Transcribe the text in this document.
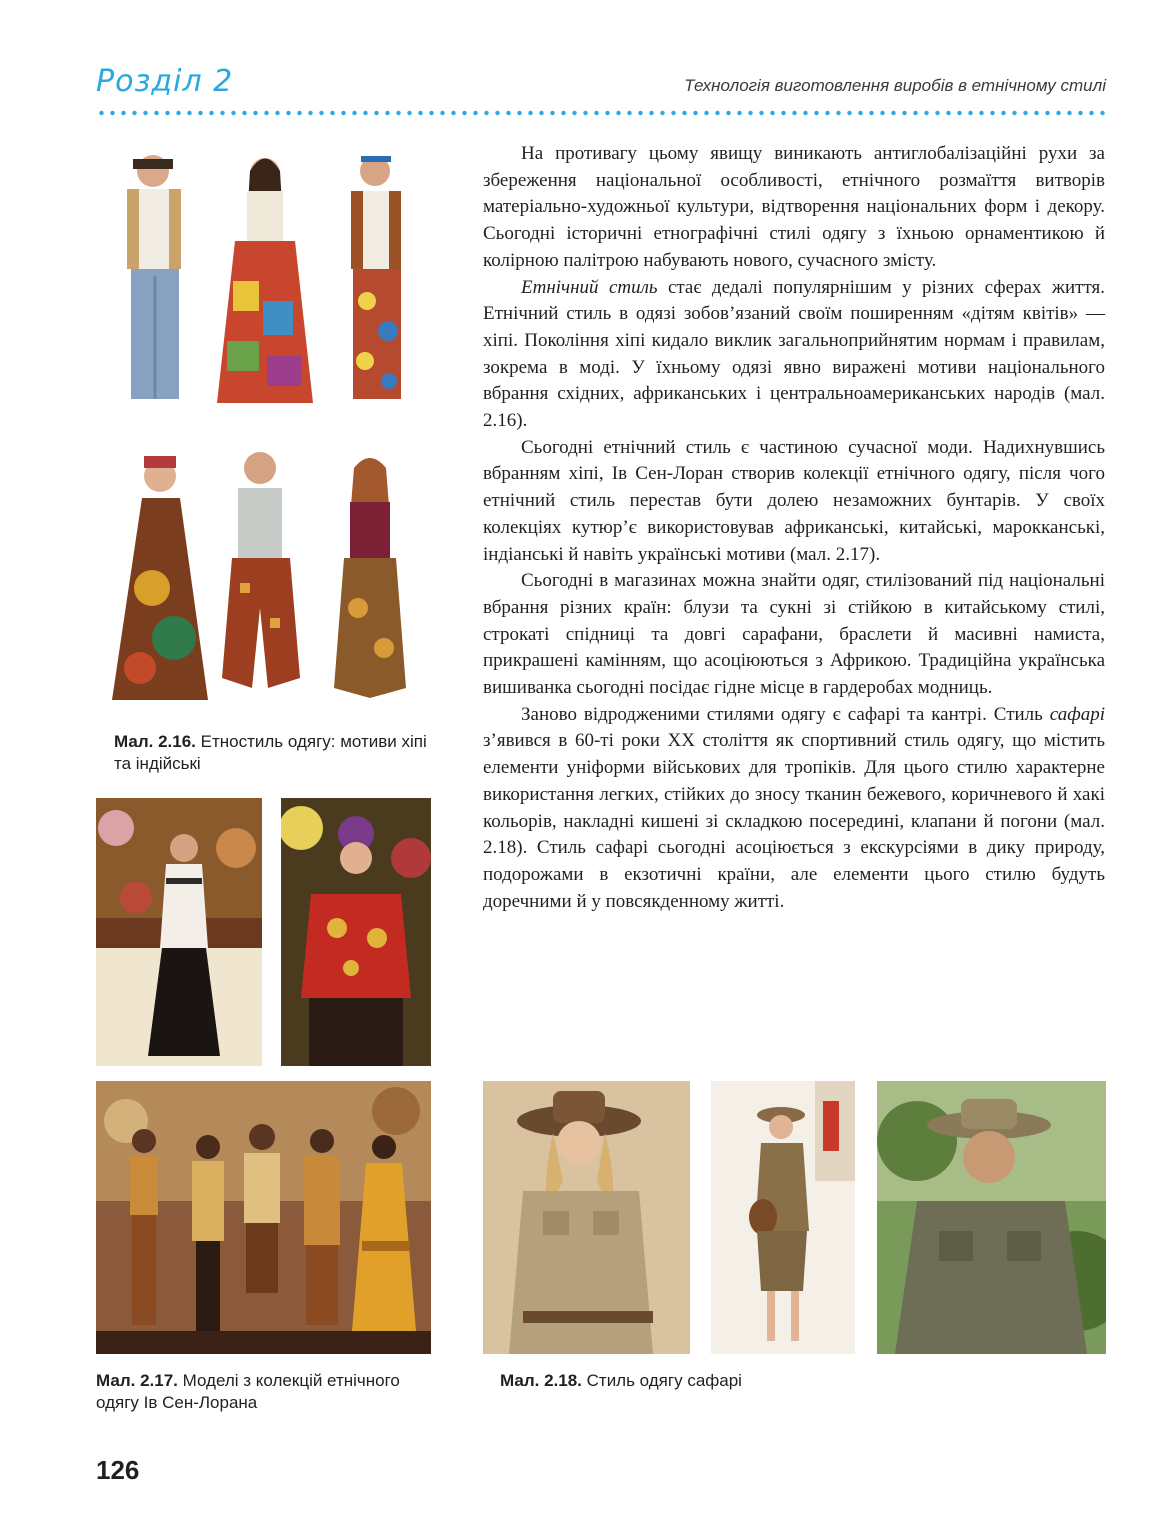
Розділ 2	Технологія виготовлення виробів в етнічному стилі
Мал. 2.16. Етностиль одягу: мотиви хіпі та індійські
Мал. 2.17. Моделі з колекцій етнічного одягу Ів Сен-Лорана

На противагу цьому явищу виникають антиглобалізаційні рухи за збереження національної особливості, етнічного розмаїття витворів матеріально-художньої культури, відтворення національних форм і декору. Сьогодні історичні етнографічні стилі одягу з їхньою орнаментикою й колірною палітрою набувають нового, сучасного змісту.

Етнічний стиль стає дедалі популярнішим у різних сферах життя. Етнічний стиль в одязі зобов’язаний своїм поширенням «дітям квітів» — хіпі. Покоління хіпі кидало виклик загальноприйнятим нормам і правилам, зокрема в моді. У їхньому одязі явно виражені мотиви національного вбрання східних, африканських і центральноамериканських народів (мал. 2.16).

Сьогодні етнічний стиль є частиною сучасної моди. Надихнувшись вбранням хіпі, Ів Сен-Лоран створив колекції етнічного одягу, після чого етнічний стиль перестав бути долею незаможних бунтарів. У своїх колекціях кутюр’є використовував африканські, китайські, марокканські, індіанські й навіть українські мотиви (мал. 2.17).

Сьогодні в магазинах можна знайти одяг, стилізований під національні вбрання різних країн: блузи та сукні зі стійкою в китайському стилі, строкаті спідниці та довгі сарафани, браслети й масивні намиста, прикрашені камінням, що асоціюються з Африкою. Традиційна українська вишиванка сьогодні посідає гідне місце в гардеробах модниць.

Заново відродженими стилями одягу є сафарі та кантрі. Стиль сафарі з’явився в 60-ті роки XX століття як спортивний стиль одягу, що містить елементи уніформи військових для тропіків. Для цього стилю характерне використання легких, стійких до зносу тканин бежевого, коричневого й хакі кольорів, накладні кишені зі складкою посередині, клапани й погони (мал. 2.18). Стиль сафарі сьогодні асоціюється з екскурсіями в дику природу, подорожами в екзотичні країни, але елементи цього стилю будуть доречними й у повсякденному житті.

Мал. 2.18. Стиль одягу сафарі
126
